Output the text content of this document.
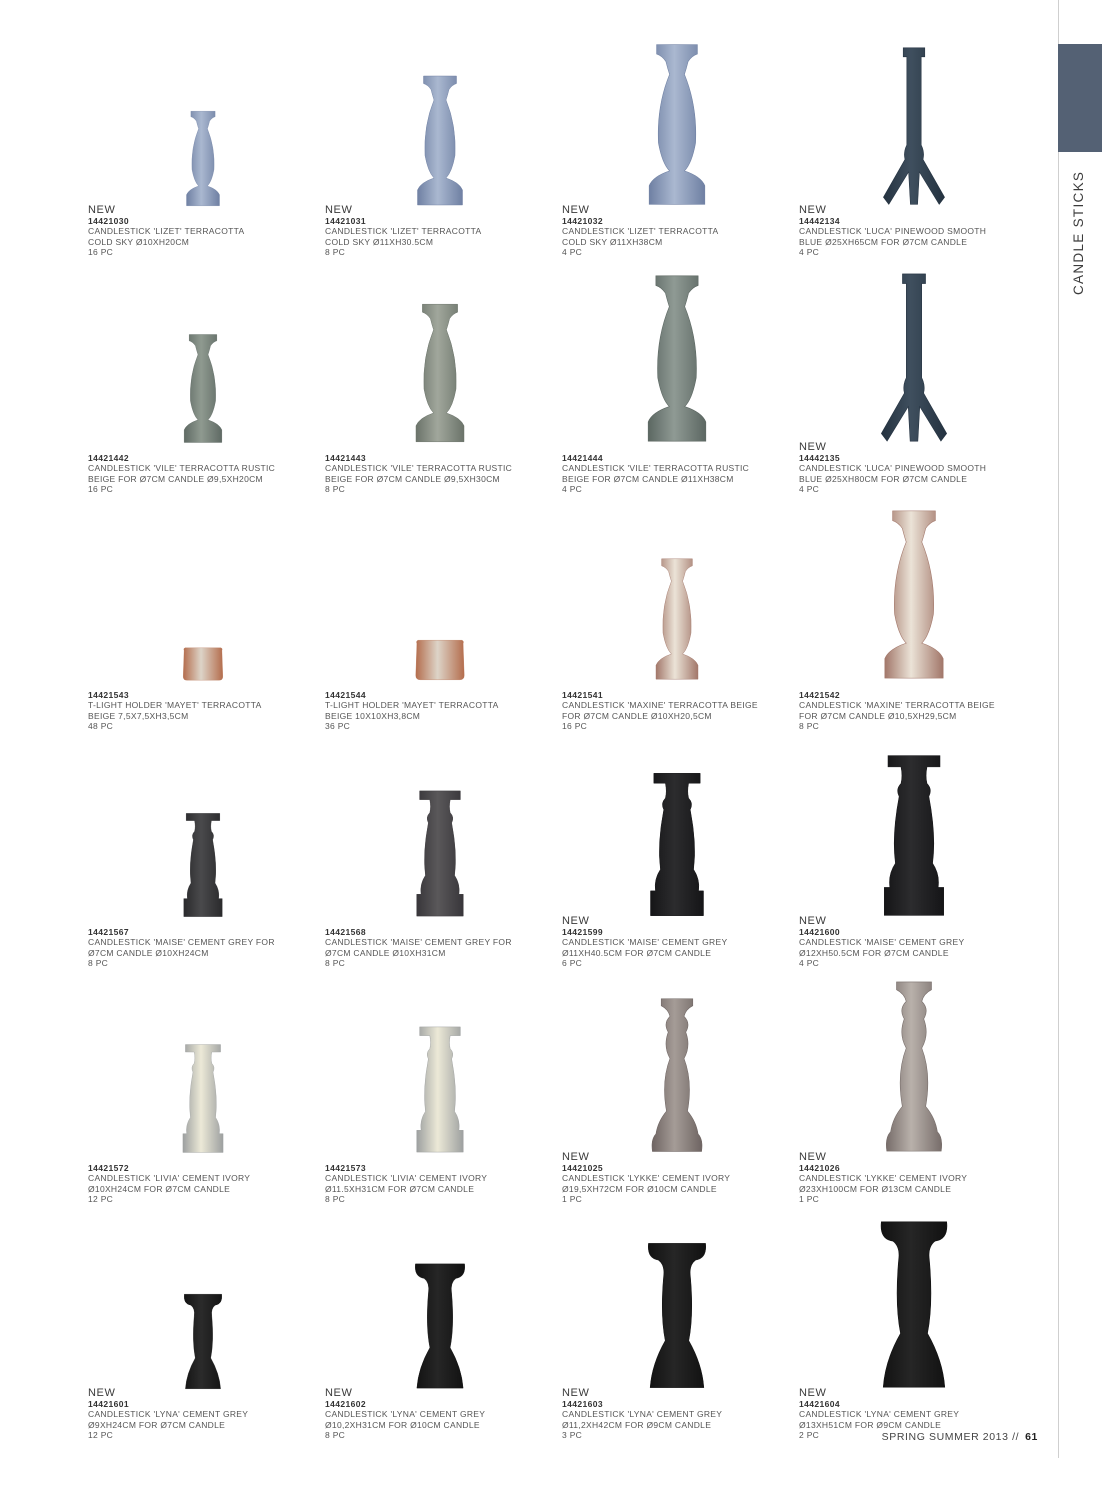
CANDLE STICKS
NEW
14421030
CANDLESTICK 'LIZET' TERRACOTTA
COLD SKY Ø10XH20CM
16 PC
NEW
14421031
CANDLESTICK 'LIZET' TERRACOTTA
COLD SKY Ø11XH30.5CM
8 PC
NEW
14421032
CANDLESTICK 'LIZET' TERRACOTTA
COLD SKY Ø11XH38CM
4 PC
NEW
14442134
CANDLESTICK 'LUCA' PINEWOOD SMOOTH
BLUE Ø25XH65CM FOR Ø7CM CANDLE
4 PC
14421442
CANDLESTICK 'VILE' TERRACOTTA RUSTIC
BEIGE FOR Ø7CM CANDLE Ø9,5XH20CM
16 PC
14421443
CANDLESTICK 'VILE' TERRACOTTA RUSTIC
BEIGE FOR Ø7CM CANDLE Ø9,5XH30CM
8 PC
14421444
CANDLESTICK 'VILE' TERRACOTTA RUSTIC
BEIGE FOR Ø7CM CANDLE Ø11XH38CM
4 PC
NEW
14442135
CANDLESTICK 'LUCA' PINEWOOD SMOOTH
BLUE Ø25XH80CM FOR Ø7CM CANDLE
4 PC
14421543
T-LIGHT HOLDER 'MAYET' TERRACOTTA
BEIGE 7,5X7,5XH3,5CM
48 PC
14421544
T-LIGHT HOLDER 'MAYET' TERRACOTTA
BEIGE 10X10XH3,8CM
36 PC
14421541
CANDLESTICK 'MAXINE' TERRACOTTA BEIGE
FOR Ø7CM CANDLE Ø10XH20,5CM
16 PC
14421542
CANDLESTICK 'MAXINE' TERRACOTTA BEIGE
FOR Ø7CM CANDLE Ø10,5XH29,5CM
8 PC
14421567
CANDLESTICK 'MAISE' CEMENT GREY FOR
Ø7CM CANDLE Ø10XH24CM
8 PC
14421568
CANDLESTICK 'MAISE' CEMENT GREY FOR
Ø7CM CANDLE Ø10XH31CM
8 PC
NEW
14421599
CANDLESTICK 'MAISE' CEMENT GREY
Ø11XH40.5CM FOR Ø7CM CANDLE
6 PC
NEW
14421600
CANDLESTICK 'MAISE' CEMENT GREY
Ø12XH50.5CM FOR Ø7CM CANDLE
4 PC
14421572
CANDLESTICK 'LIVIA' CEMENT IVORY
Ø10XH24CM FOR Ø7CM CANDLE
12 PC
14421573
CANDLESTICK 'LIVIA' CEMENT IVORY
Ø11.5XH31CM FOR Ø7CM CANDLE
8 PC
NEW
14421025
CANDLESTICK 'LYKKE' CEMENT IVORY
Ø19,5XH72CM FOR Ø10CM CANDLE
1 PC
NEW
14421026
CANDLESTICK 'LYKKE' CEMENT IVORY
Ø23XH100CM FOR Ø13CM CANDLE
1 PC
NEW
14421601
CANDLESTICK 'LYNA' CEMENT GREY
Ø9XH24CM FOR Ø7CM CANDLE
12 PC
NEW
14421602
CANDLESTICK 'LYNA' CEMENT GREY
Ø10,2XH31CM FOR Ø10CM CANDLE
8 PC
NEW
14421603
CANDLESTICK 'LYNA' CEMENT GREY
Ø11,2XH42CM FOR Ø9CM CANDLE
3 PC
NEW
14421604
CANDLESTICK 'LYNA' CEMENT GREY
Ø13XH51CM FOR Ø9CM CANDLE
2 PC	SPRING SUMMER 2013 // 61
